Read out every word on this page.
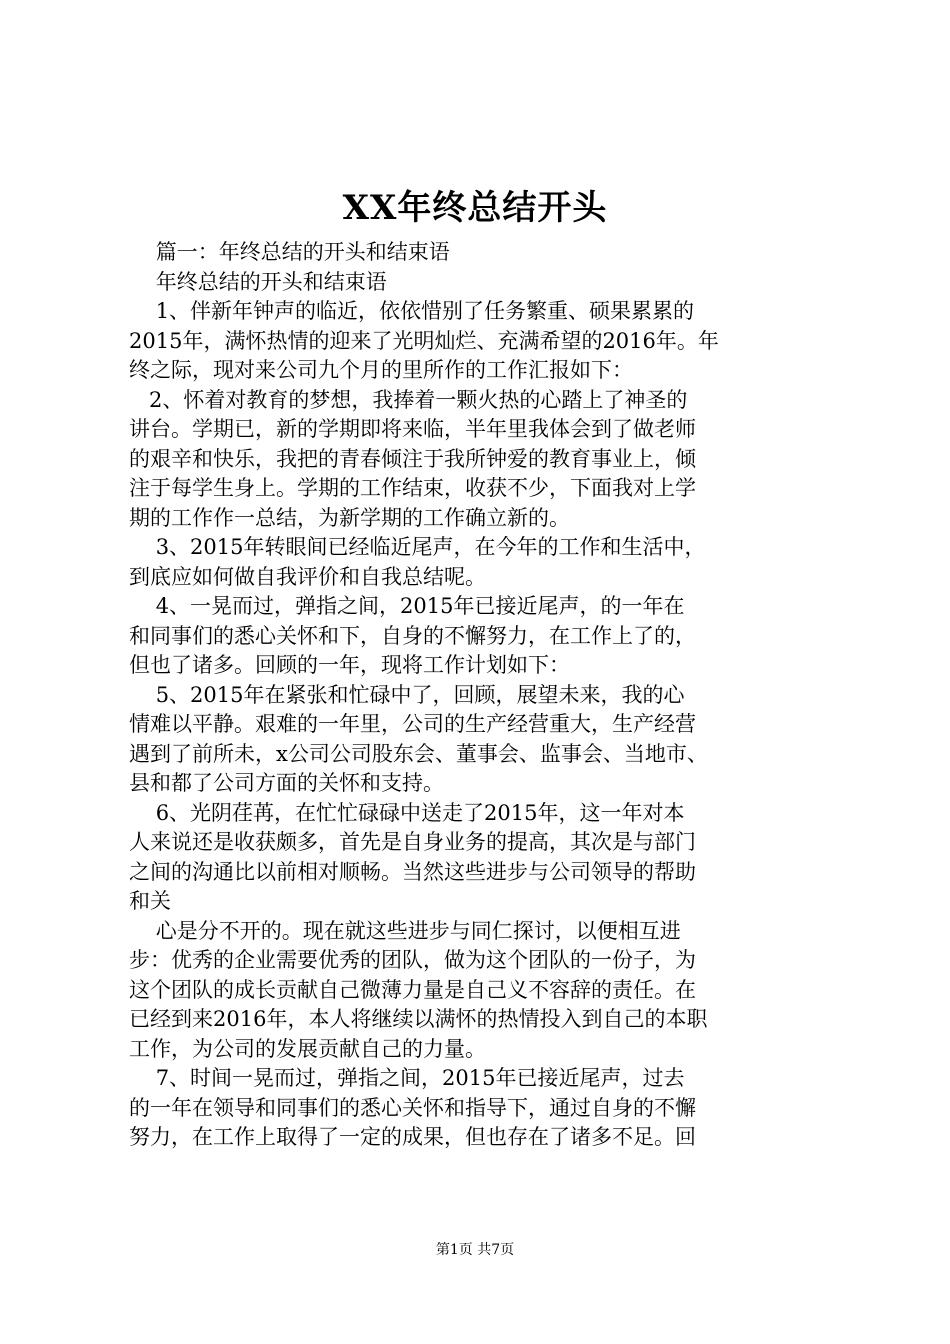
XX年终总结开头
篇一：年终总结的开头和结束语
年终总结的开头和结束语
1、伴新年钟声的临近，依依惜别了任务繁重、硕果累累的
2015年，满怀热情的迎来了光明灿烂、充满希望的2016年。年
终之际，现对来公司九个月的里所作的工作汇报如下：
2、怀着对教育的梦想，我捧着一颗火热的心踏上了神圣的
讲台。学期已，新的学期即将来临，半年里我体会到了做老师
的艰辛和快乐，我把的青春倾注于我所钟爱的教育事业上，倾
注于每学生身上。学期的工作结束，收获不少，下面我对上学
期的工作作一总结，为新学期的工作确立新的。
3、2015年转眼间已经临近尾声，在今年的工作和生活中，
到底应如何做自我评价和自我总结呢。
4、一晃而过，弹指之间，2015年已接近尾声，的一年在
和同事们的悉心关怀和下，自身的不懈努力，在工作上了的，
但也了诸多。回顾的一年，现将工作计划如下：
5、2015年在紧张和忙碌中了，回顾，展望未来，我的心
情难以平静。艰难的一年里，公司的生产经营重大，生产经营
遇到了前所未，x公司公司股东会、董事会、监事会、当地市、
县和都了公司方面的关怀和支持。
6、光阴荏苒，在忙忙碌碌中送走了2015年，这一年对本
人来说还是收获颇多，首先是自身业务的提高，其次是与部门
之间的沟通比以前相对顺畅。当然这些进步与公司领导的帮助
和关
心是分不开的。现在就这些进步与同仁探讨，以便相互进
步：优秀的企业需要优秀的团队，做为这个团队的一份子，为
这个团队的成长贡献自己微薄力量是自己义不容辞的责任。在
已经到来2016年，本人将继续以满怀的热情投入到自己的本职
工作，为公司的发展贡献自己的力量。
7、时间一晃而过，弹指之间，2015年已接近尾声，过去
的一年在领导和同事们的悉心关怀和指导下，通过自身的不懈
努力，在工作上取得了一定的成果，但也存在了诸多不足。回
第1页 共7页
